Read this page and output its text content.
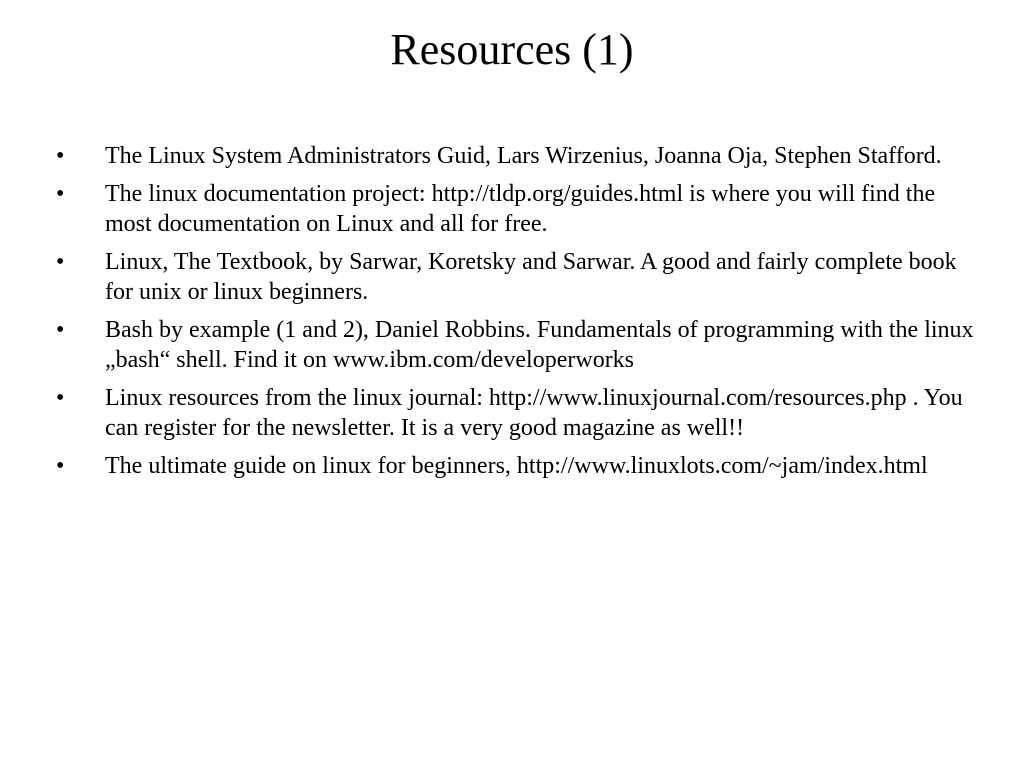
Resources (1)
•	The Linux System Administrators Guid, Lars Wirzenius, Joanna Oja, Stephen Stafford.
•	The linux documentation project: http://tldp.org/guides.html is where you will find the most documentation on Linux and all for free.
•	Linux, The Textbook, by Sarwar, Koretsky and Sarwar. A good and fairly complete book for unix or linux beginners.
•	Bash by example (1 and 2), Daniel Robbins. Fundamentals of programming with the linux „bash“ shell. Find it on www.ibm.com/developerworks
•	Linux resources from the linux journal: http://www.linuxjournal.com/resources.php . You can register for the newsletter. It is a very good magazine as well!!
•	The ultimate guide on linux for beginners, http://www.linuxlots.com/~jam/index.html
